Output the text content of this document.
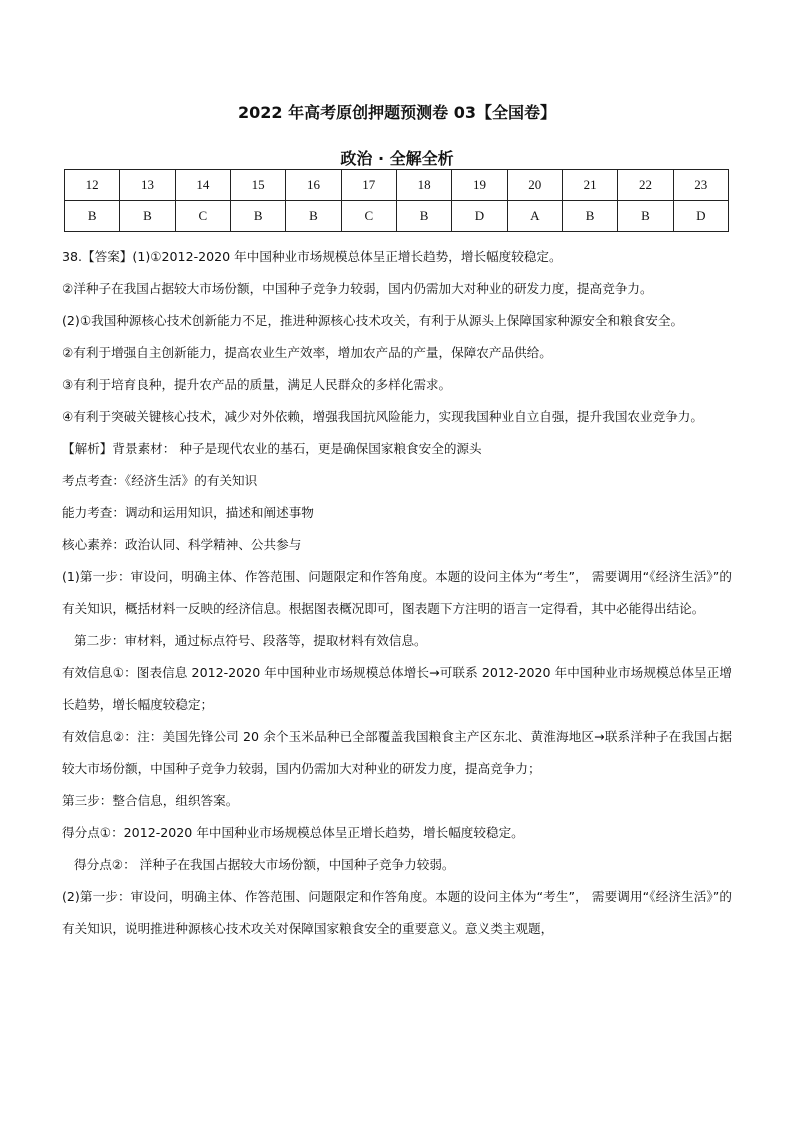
2022 年高考原创押题预测卷 03【全国卷】
政治 · 全解全析
12	13	14	15	16	17	18	19	20	21	22	23
B	B	C	B	B	C	B	D	A	B	B	D

38.【答案】(1)①2012-2020 年中国种业市场规模总体呈正增长趋势，增长幅度较稳定。

②洋种子在我国占据较大市场份额，中国种子竞争力较弱，国内仍需加大对种业的研发力度，提高竞争力。

(2)①我国种源核心技术创新能力不足，推进种源核心技术攻关，有利于从源头上保障国家种源安全和粮食安全。

②有利于增强自主创新能力，提高农业生产效率，增加农产品的产量，保障农产品供给。

③有利于培育良种，提升农产品的质量，满足人民群众的多样化需求。

④有利于突破关键核心技术，减少对外依赖，增强我国抗风险能力，实现我国种业自立自强，提升我国农业竞争力。

【解析】背景素材： 种子是现代农业的基石，更是确保国家粮食安全的源头

考点考查：《经济生活》的有关知识

能力考查：调动和运用知识，描述和阐述事物

核心素养：政治认同、科学精神、公共参与

(1)第一步：审设问，明确主体、作答范围、问题限定和作答角度。本题的设问主体为“考生”， 需要调用“《经济生活》”的有关知识，概括材料一反映的经济信息。根据图表概况即可，图表题下方注明的语言一定得看，其中必能得出结论。

第二步：审材料，通过标点符号、段落等，提取材料有效信息。

有效信息①：图表信息 2012-2020 年中国种业市场规模总体增长→可联系 2012-2020 年中国种业市场规模总体呈正增长趋势，增长幅度较稳定；

有效信息②：注：美国先锋公司 20 余个玉米品种已全部覆盖我国粮食主产区东北、黄淮海地区→联系洋种子在我国占据较大市场份额，中国种子竞争力较弱，国内仍需加大对种业的研发力度，提高竞争力；

第三步：整合信息，组织答案。

得分点①：2012-2020 年中国种业市场规模总体呈正增长趋势，增长幅度较稳定。

得分点②： 洋种子在我国占据较大市场份额，中国种子竞争力较弱。

(2)第一步：审设问，明确主体、作答范围、问题限定和作答角度。本题的设问主体为“考生”， 需要调用“《经济生活》”的有关知识，说明推进种源核心技术攻关对保障国家粮食安全的重要意义。意义类主观题，
